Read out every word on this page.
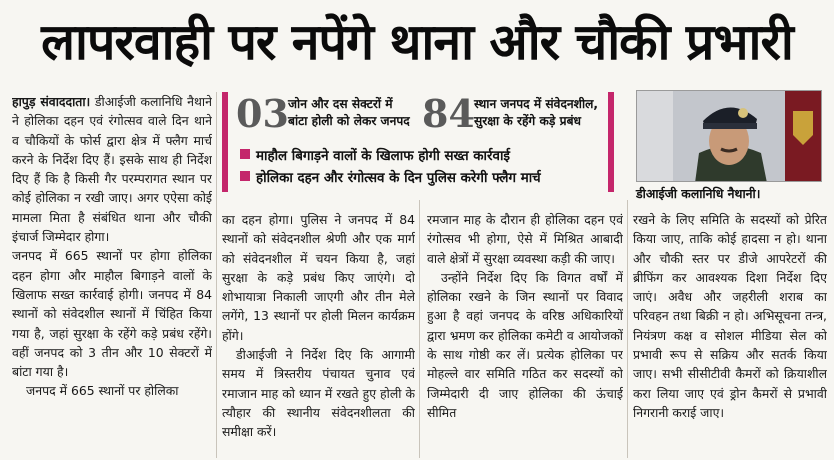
लापरवाही पर नपेंगे थाना और चौकी प्रभारी

हापुड़ संवाददाता। डीआईजी कलानिधि नैथाने ने होलिका दहन एवं रंगोत्सव वाले दिन थाने व चौकियों के फोर्स द्वारा क्षेत्र में फ्लैग मार्च करने के निर्देश दिए हैं। इसके साथ ही निर्देश दिए हैं कि है किसी गैर परम्परागत स्थान पर कोई होलिका न रखी जाए। अगर एऐसा कोई मामला मिता है संबंधित थाना और चौकी इंचार्ज जिम्मेदार होगा।

जनपद में 665 स्थानों पर होगा होलिका दहन होगा और माहौल बिगाड़ने वालों के खिलाफ सख्त कार्रवाई होगी। जनपद में 84 स्थानों को संवेदशील स्थानों में चिंहित किया गया है, जहां सुरक्षा के रहेंगे कड़े प्रबंध रहेंगे। वहीं जनपद को 3 तीन और 10 सेक्टरों में बांटा गया है।

जनपद में 665 स्थानों पर होलिका

03 जोन और दस सेक्टरों में
बांटा होली को लेकर जनपद 84 स्थान जनपद में संवेदनशील,
सुरक्षा के रहेंगे कड़े प्रबंध
माहौल बिगाड़ने वालों के खिलाफ होगी सख्त कार्रवाई
होलिका दहन और रंगोत्सव के दिन पुलिस करेगी फ्लैग मार्च
डीआईजी कलानिधि नैथानी।

का दहन होगा। पुलिस ने जनपद में 84 स्थानों को संवेदनशील श्रेणी और एक मार्ग को संवेदनशील में चयन किया है, जहां सुरक्षा के कड़े प्रबंध किए जाएंगे। दो शोभायात्रा निकाली जाएगी और तीन मेले लगेंगे, 13 स्थानों पर होली मिलन कार्यक्रम होंगे।

डीआईजी ने निर्देश दिए कि आगामी समय में त्रिस्तरीय पंचायत चुनाव एवं रमाजान माह को ध्यान में रखते हुए होली के त्यौहार की स्थानीय संवेदनशीलता की समीक्षा करें।

रमजान माह के दौरान ही होलिका दहन एवं रंगोत्सव भी होगा, ऐसे में मिश्रित आबादी वाले क्षेत्रों में सुरक्षा व्यवस्था कड़ी की जाए।

उन्होंने निर्देश दिए कि विगत वर्षों में होलिका रखने के जिन स्थानों पर विवाद हुआ है वहां जनपद के वरिष्ठ अधिकारियों द्वारा भ्रमण कर होलिका कमेटी व आयोजकों के साथ गोष्ठी कर लें। प्रत्येक होलिका पर मोहल्ले वार समिति गठित कर सदस्यों को जिम्मेदारी दी जाए होलिका की ऊंचाई सीमित

रखने के लिए समिति के सदस्यों को प्रेरित किया जाए, ताकि कोई हादसा न हो। थाना और चौकी स्तर पर डीजे आपरेटरों की ब्रीफिंग कर आवश्यक दिशा निर्देश दिए जाएं। अवैध और जहरीली शराब का परिवहन तथा बिक्री न हो। अभिसूचना तन्त्र, नियंत्रण कक्ष व सोशल मीडिया सेल को प्रभावी रूप से सक्रिय और सतर्क किया जाए। सभी सीसीटीवी कैमरों को क्रियाशील करा लिया जाए एवं ड्रोन कैमरों से प्रभावी निगरानी कराई जाए।
